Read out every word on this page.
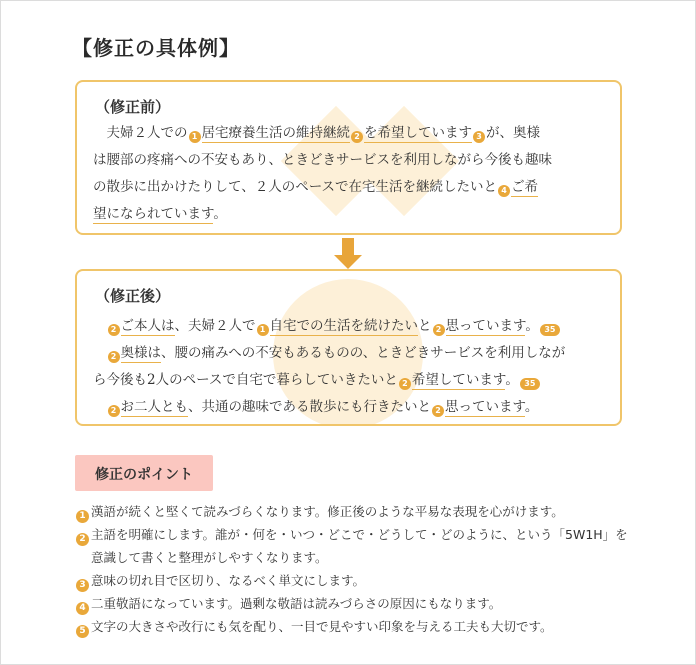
【修正の具体例】
（修正前）
　夫婦２人での 1 居宅療養生活の維持継続 2 を希望しています 3 が、奥様
は腰部の疼痛への不安もあり、ときどきサービスを利用しながら今後も趣味
の散歩に出かけたりして、２人のペースで在宅生活を継続したいと 4 ご希
望になられています。
（修正後）
　2 ご本人は、夫婦２人で 1 自宅での生活を続けたいと 2 思っています。 35
　2 奥様は、腰の痛みへの不安もあるものの、ときどきサービスを利用しなが
ら今後も2人のペースで自宅で暮らしていきたいと 2 希望しています。 35
　2 お二人とも、共通の趣味である散歩にも行きたいと 2 思っています。
修正のポイント
1 漢語が続くと堅くて読みづらくなります。修正後のような平易な表現を心がけます。
2 主語を明確にします。誰が・何を・いつ・どこで・どうして・どのように、という「5W1H」を
意識して書くと整理がしやすくなります。
3 意味の切れ目で区切り、なるべく単文にします。
4 二重敬語になっています。過剰な敬語は読みづらさの原因にもなります。
5 文字の大きさや改行にも気を配り、一目で見やすい印象を与える工夫も大切です。
